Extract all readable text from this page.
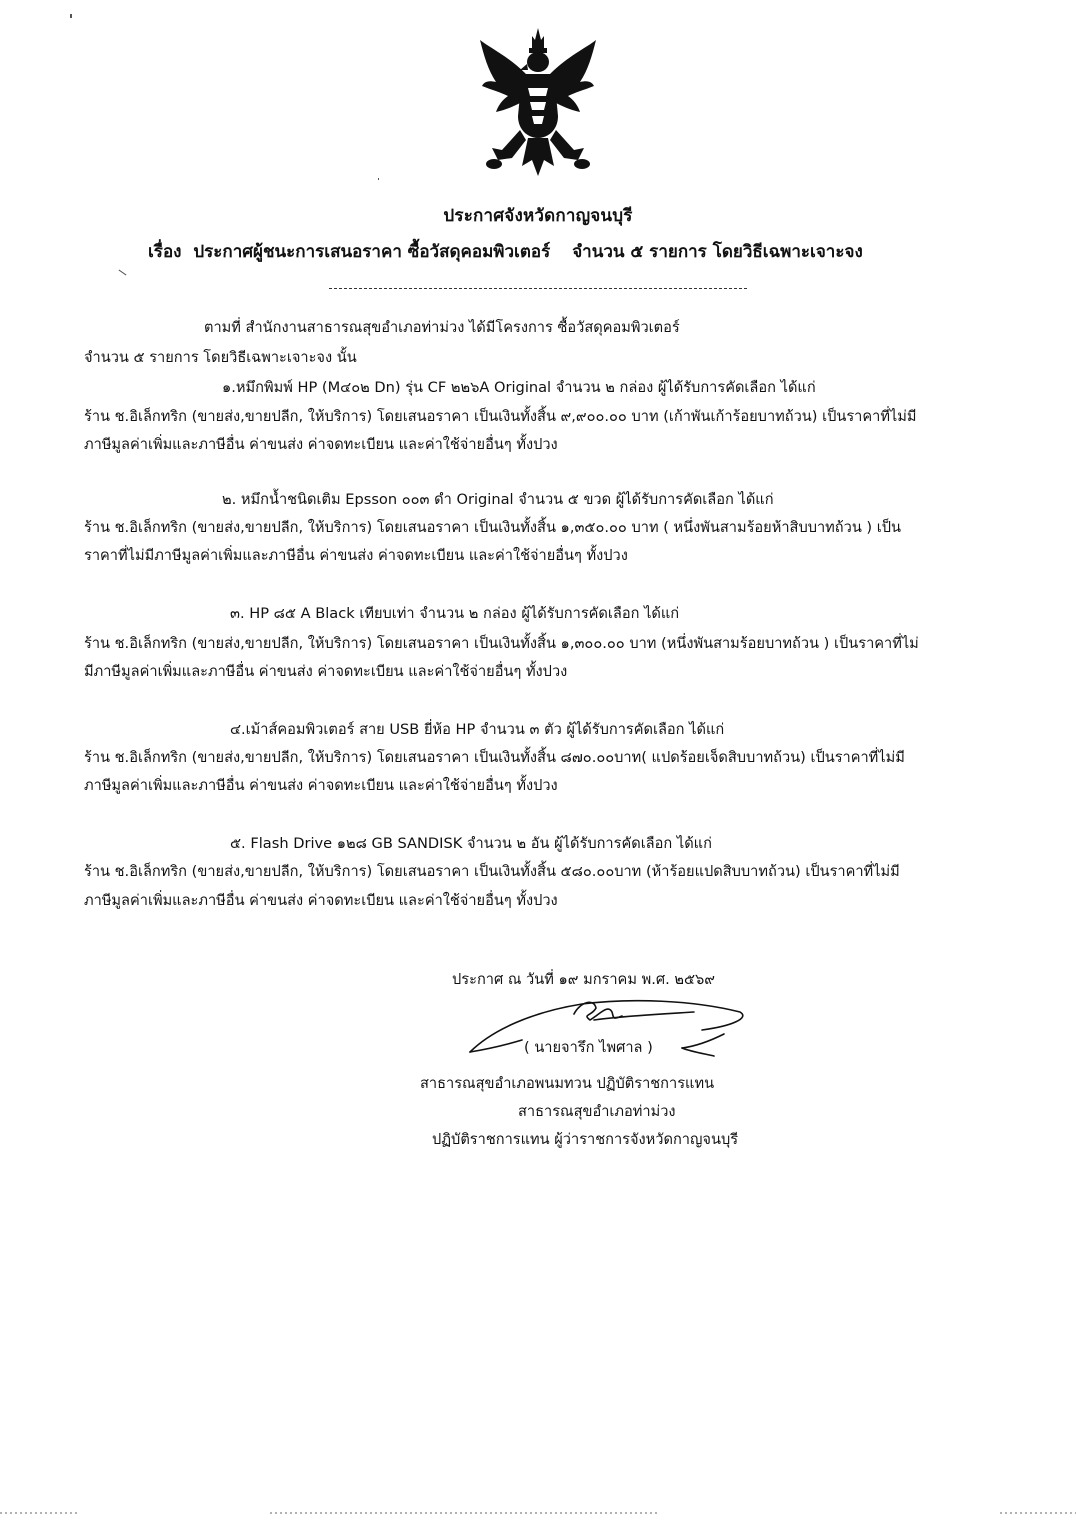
ประกาศจังหวัดกาญจนบุรี
เรื่อง ประกาศผู้ชนะการเสนอราคา ซื้อวัสดุคอมพิวเตอร์ จำนวน ๕ รายการ โดยวิธีเฉพาะเจาะจง
ตามที่ สำนักงานสาธารณสุขอำเภอท่าม่วง ได้มีโครงการ ซื้อวัสดุคอมพิวเตอร์
จำนวน ๕ รายการ โดยวิธีเฉพาะเจาะจง นั้น
๑.หมึกพิมพ์ HP (M๔๐๒ Dn) รุ่น CF ๒๒๖A Original จำนวน ๒ กล่อง ผู้ได้รับการคัดเลือก ได้แก่
ร้าน ช.อิเล็กทริก (ขายส่ง,ขายปลีก, ให้บริการ) โดยเสนอราคา เป็นเงินทั้งสิ้น ๙,๙๐๐.๐๐ บาท (เก้าพันเก้าร้อยบาทถ้วน) เป็นราคาที่ไม่มี
ภาษีมูลค่าเพิ่มและภาษีอื่น ค่าขนส่ง ค่าจดทะเบียน และค่าใช้จ่ายอื่นๆ ทั้งปวง
๒. หมึกน้ำชนิดเติม Epsson ๐๐๓ ดำ Original จำนวน ๕ ขวด ผู้ได้รับการคัดเลือก ได้แก่
ร้าน ช.อิเล็กทริก (ขายส่ง,ขายปลีก, ให้บริการ) โดยเสนอราคา เป็นเงินทั้งสิ้น ๑,๓๕๐.๐๐ บาท ( หนึ่งพันสามร้อยห้าสิบบาทถ้วน ) เป็น
ราคาที่ไม่มีภาษีมูลค่าเพิ่มและภาษีอื่น ค่าขนส่ง ค่าจดทะเบียน และค่าใช้จ่ายอื่นๆ ทั้งปวง
๓. HP ๘๕ A Black เทียบเท่า จำนวน ๒ กล่อง ผู้ได้รับการคัดเลือก ได้แก่
ร้าน ช.อิเล็กทริก (ขายส่ง,ขายปลีก, ให้บริการ) โดยเสนอราคา เป็นเงินทั้งสิ้น ๑,๓๐๐.๐๐ บาท (หนึ่งพันสามร้อยบาทถ้วน ) เป็นราคาที่ไม่
มีภาษีมูลค่าเพิ่มและภาษีอื่น ค่าขนส่ง ค่าจดทะเบียน และค่าใช้จ่ายอื่นๆ ทั้งปวง
๔.เม้าส์คอมพิวเตอร์ สาย USB ยี่ห้อ HP จำนวน ๓ ตัว ผู้ได้รับการคัดเลือก ได้แก่
ร้าน ช.อิเล็กทริก (ขายส่ง,ขายปลีก, ให้บริการ) โดยเสนอราคา เป็นเงินทั้งสิ้น ๘๗๐.๐๐บาท( แปดร้อยเจ็ดสิบบาทถ้วน) เป็นราคาที่ไม่มี
ภาษีมูลค่าเพิ่มและภาษีอื่น ค่าขนส่ง ค่าจดทะเบียน และค่าใช้จ่ายอื่นๆ ทั้งปวง
๕. Flash Drive ๑๒๘ GB SANDISK จำนวน ๒ อัน ผู้ได้รับการคัดเลือก ได้แก่
ร้าน ช.อิเล็กทริก (ขายส่ง,ขายปลีก, ให้บริการ) โดยเสนอราคา เป็นเงินทั้งสิ้น ๕๘๐.๐๐บาท (ห้าร้อยแปดสิบบาทถ้วน) เป็นราคาที่ไม่มี
ภาษีมูลค่าเพิ่มและภาษีอื่น ค่าขนส่ง ค่าจดทะเบียน และค่าใช้จ่ายอื่นๆ ทั้งปวง
ประกาศ ณ วันที่ ๑๙ มกราคม พ.ศ. ๒๕๖๙
( นายจารึก ไพศาล )
สาธารณสุขอำเภอพนมทวน ปฏิบัติราชการแทน
สาธารณสุขอำเภอท่าม่วง
ปฏิบัติราชการแทน ผู้ว่าราชการจังหวัดกาญจนบุรี
